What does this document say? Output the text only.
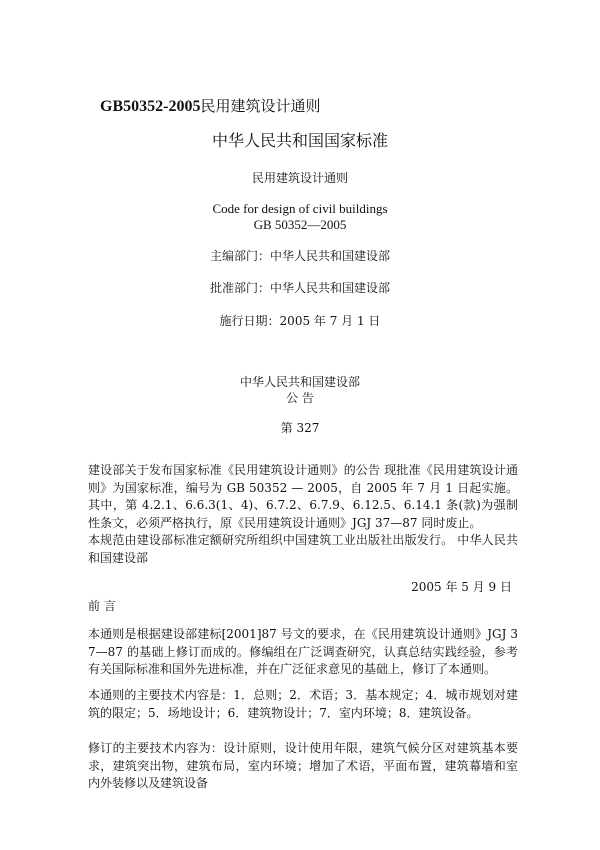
GB50352-2005民用建筑设计通则
中华人民共和国国家标准
民用建筑设计通则
Code for design of civil buildings
GB 50352—2005
主编部门：中华人民共和国建设部
批准部门：中华人民共和国建设部
施行日期：2005 年 7 月 1 日
中华人民共和国建设部
公 告
第 327
建设部关于发布国家标准《民用建筑设计通则》的公告 现批准《民用建筑设计通则》为国家标准，编号为 GB 50352 — 2005，自 2005 年 7 月 1 日起实施。其中，第 4.2.1、6.6.3(1、4)、6.7.2、6.7.9、6.12.5、6.14.1 条(款)为强制性条文，必须严格执行，原《民用建筑设计通则》JGJ 37—87 同时废止。
本规范由建设部标准定额研究所组织中国建筑工业出版社出版发行。 中华人民共和国建设部
2005 年 5 月 9 日
前 言
本通则是根据建设部建标[2001]87 号文的要求，在《民用建筑设计通则》JGJ 37—87 的基础上修订而成的。修编组在广泛调查研究，认真总结实践经验，参考有关国际标准和国外先进标准，并在广泛征求意见的基础上，修订了本通则。
本通则的主要技术内容是：1．总则；2．术语；3．基本规定；4．城市规划对建筑的限定；5．场地设计；6．建筑物设计；7．室内环境；8．建筑设备。
修订的主要技术内容为：设计原则，设计使用年限，建筑气候分区对建筑基本要求，建筑突出物，建筑布局，室内环境；增加了术语，平面布置，建筑幕墙和室内外装修以及建筑设备
